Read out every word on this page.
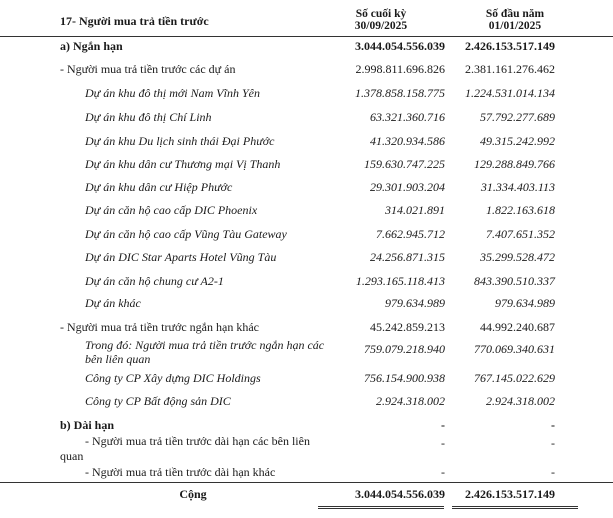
17- Người mua trả tiền trước	Số cuối kỳ
30/09/2025
Số đầu năm
01/01/2025
a) Ngắn hạn	3.044.054.556.039 2.426.153.517.149
- Người mua trả tiền trước các dự án	2.998.811.696.826 2.381.161.276.462
Dự án khu đô thị mới Nam Vĩnh Yên	1.378.858.158.775 1.224.531.014.134
Dự án khu đô thị Chí Linh	63.321.360.716	57.792.277.689
Dự án khu Du lịch sinh thái Đại Phước	41.320.934.586	49.315.242.992
Dự án khu dân cư Thương mại Vị Thanh	159.630.747.225 129.288.849.766
Dự án khu dân cư Hiệp Phước	29.301.903.204	31.334.403.113
Dự án căn hộ cao cấp DIC Phoenix	314.021.891	1.822.163.618
Dự án căn hộ cao cấp Vũng Tàu Gateway	7.662.945.712	7.407.651.352
Dự án DIC Star Aparts Hotel Vũng Tàu	24.256.871.315	35.299.528.472
Dự án căn hộ chung cư A2-1	1.293.165.118.413 843.390.510.337
Dự án khác	979.634.989	979.634.989
- Người mua trả tiền trước ngắn hạn khác	45.242.859.213	44.992.240.687
Trong đó: Người mua trả tiền trước ngắn hạn các
bên liên quan
759.079.218.940 770.069.340.631
Công ty CP Xây dựng DIC Holdings	756.154.900.938 767.145.022.629
Công ty CP Bất động sản DIC	2.924.318.002	2.924.318.002
b) Dài hạn	-	-
- Người mua trả tiền trước dài hạn các bên liên
quan
-	-
- Người mua trả tiền trước dài hạn khác	-	-
Cộng	3.044.054.556.039 2.426.153.517.149
